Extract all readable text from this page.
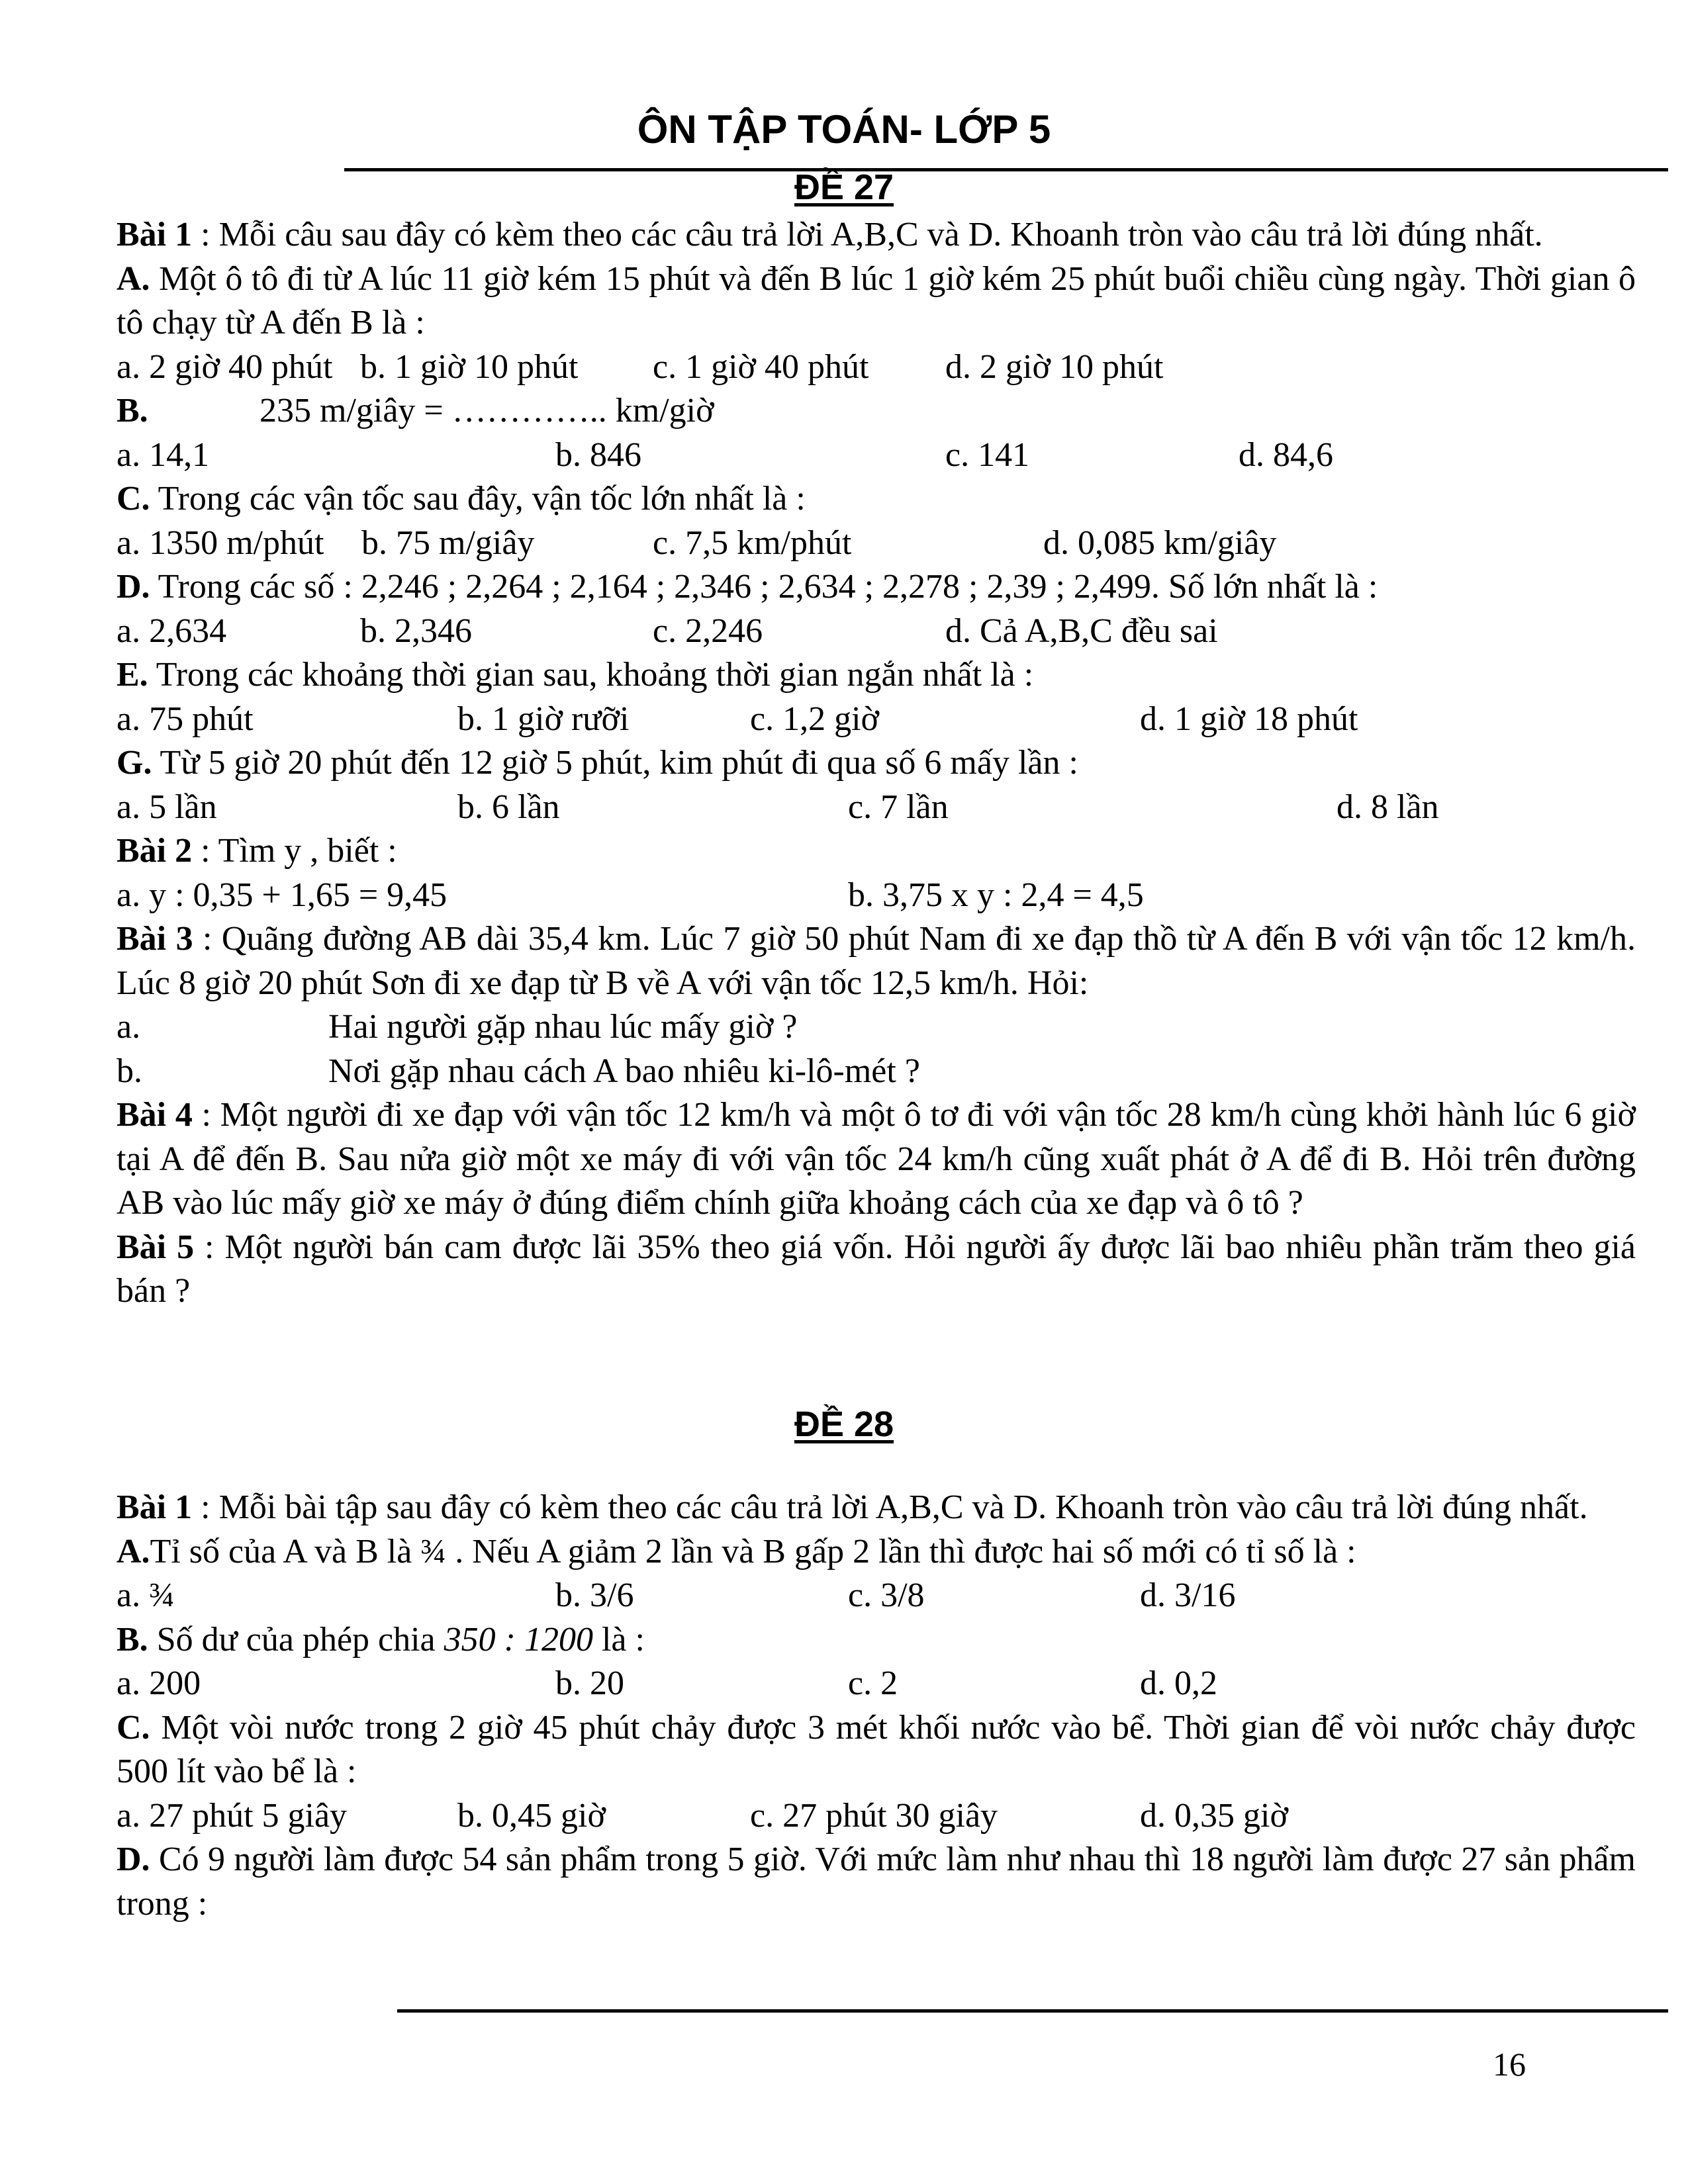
ÔN TẬP TOÁN- LỚP 5
ĐỀ 27
Bài 1 : Mỗi câu sau đây có kèm theo các câu trả lời A,B,C và D. Khoanh tròn vào câu trả lời đúng nhất.
A. Một ô tô đi từ A lúc 11 giờ kém 15 phút và đến B lúc 1 giờ kém 25 phút buổi chiều cùng ngày. Thời gian ô tô chạy từ A đến B là :
a. 2 giờ 40 phút b. 1 giờ 10 phút c. 1 giờ 40 phút d. 2 giờ 10 phút
B.	235 m/giây = ………….. km/giờ
a. 14,1	b. 846	c. 141	d. 84,6
C. Trong các vận tốc sau đây, vận tốc lớn nhất là :
a. 1350 m/phút b. 75 m/giây	c. 7,5 km/phút	d. 0,085 km/giây
D. Trong các số : 2,246 ; 2,264 ; 2,164 ; 2,346 ; 2,634 ; 2,278 ; 2,39 ; 2,499. Số lớn nhất là :
a. 2,634	b. 2,346	c. 2,246	d. Cả A,B,C đều sai
E. Trong các khoảng thời gian sau, khoảng thời gian ngắn nhất là :
a. 75 phút	b. 1 giờ rưỡi	c. 1,2 giờ	d. 1 giờ 18 phút
G. Từ 5 giờ 20 phút đến 12 giờ 5 phút, kim phút đi qua số 6 mấy lần :
a. 5 lần	b. 6 lần	c. 7 lần	d. 8 lần
Bài 2 : Tìm y , biết :
a. y : 0,35 + 1,65 = 9,45	b. 3,75 x y : 2,4 = 4,5
Bài 3 : Quãng đường AB dài 35,4 km. Lúc 7 giờ 50 phút Nam đi xe đạp thồ từ A đến B với vận tốc 12 km/h. Lúc 8 giờ 20 phút Sơn đi xe đạp từ B về A với vận tốc 12,5 km/h. Hỏi:
a.	Hai người gặp nhau lúc mấy giờ ?
b.	Nơi gặp nhau cách A bao nhiêu ki-lô-mét ?
Bài 4 : Một người đi xe đạp với vận tốc 12 km/h và một ô tơ đi với vận tốc 28 km/h cùng khởi hành lúc 6 giờ tại A để đến B. Sau nửa giờ một xe máy đi với vận tốc 24 km/h cũng xuất phát ở A để đi B. Hỏi trên đường AB vào lúc mấy giờ xe máy ở đúng điểm chính giữa khoảng cách của xe đạp và ô tô ?
Bài 5 : Một người bán cam được lãi 35% theo giá vốn. Hỏi người ấy được lãi bao nhiêu phần trăm theo giá bán ?
ĐỀ 28
Bài 1 : Mỗi bài tập sau đây có kèm theo các câu trả lời A,B,C và D. Khoanh tròn vào câu trả lời đúng nhất.
A.Tỉ số của A và B là ¾ . Nếu A giảm 2 lần và B gấp 2 lần thì được hai số mới có tỉ số là :
a. ¾	b. 3/6	c. 3/8	d. 3/16
B. Số dư của phép chia 350 : 1200 là :
a. 200	b. 20	c. 2	d. 0,2
C. Một vòi nước trong 2 giờ 45 phút chảy được 3 mét khối nước vào bể. Thời gian để vòi nước chảy được 500 lít vào bể là :
a. 27 phút 5 giây	b. 0,45 giờ	c. 27 phút 30 giây	d. 0,35 giờ
D. Có 9 người làm được 54 sản phẩm trong 5 giờ. Với mức làm như nhau thì 18 người làm được 27 sản phẩm trong :
16
